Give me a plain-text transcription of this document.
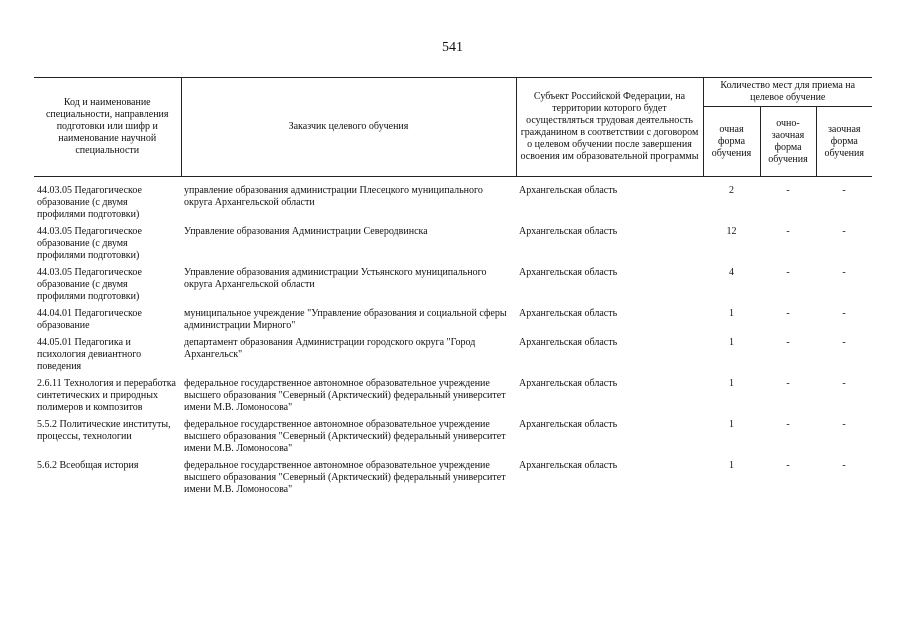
541
Код и наименование специальности, направления подготовки или шифр и наименование научной специальности	Заказчик целевого обучения	Субъект Российской Федерации, на территории которого будет осуществляться трудовая деятельность гражданином в соответствии с договором о целевом обучении после завершения освоения им образовательной программы	Количество мест для приема на целевое обучение		
			очная форма обучения	очно-заочная форма обучения	заочная форма обучения

44.03.05 Педагогическое образование (с двумя профилями подготовки)	управление образования администрации Плесецкого муниципального округа Архангельской области	Архангельская область	2	-	-
44.03.05 Педагогическое образование (с двумя профилями подготовки)	Управление образования Администрации Северодвинска	Архангельская область	12	-	-
44.03.05 Педагогическое образование (с двумя профилями подготовки)	Управление образования администрации Устьянского муниципального округа Архангельской области	Архангельская область	4	-	-
44.04.01 Педагогическое образование	муниципальное учреждение "Управление образования и социальной сферы администрации Мирного"	Архангельская область	1	-	-
44.05.01 Педагогика и психология девиантного поведения	департамент образования Администрации городского округа "Город Архангельск"	Архангельская область	1	-	-
2.6.11 Технология и переработка синтетических и природных полимеров и композитов	федеральное государственное автономное образовательное учреждение высшего образования "Северный (Арктический) федеральный университет имени М.В. Ломоносова"	Архангельская область	1	-	-
5.5.2 Политические институты, процессы, технологии	федеральное государственное автономное образовательное учреждение высшего образования "Северный (Арктический) федеральный университет имени М.В. Ломоносова"	Архангельская область	1	-	-
5.6.2 Всеобщая история	федеральное государственное автономное образовательное учреждение высшего образования "Северный (Арктический) федеральный университет имени М.В. Ломоносова"	Архангельская область	1	-	-
